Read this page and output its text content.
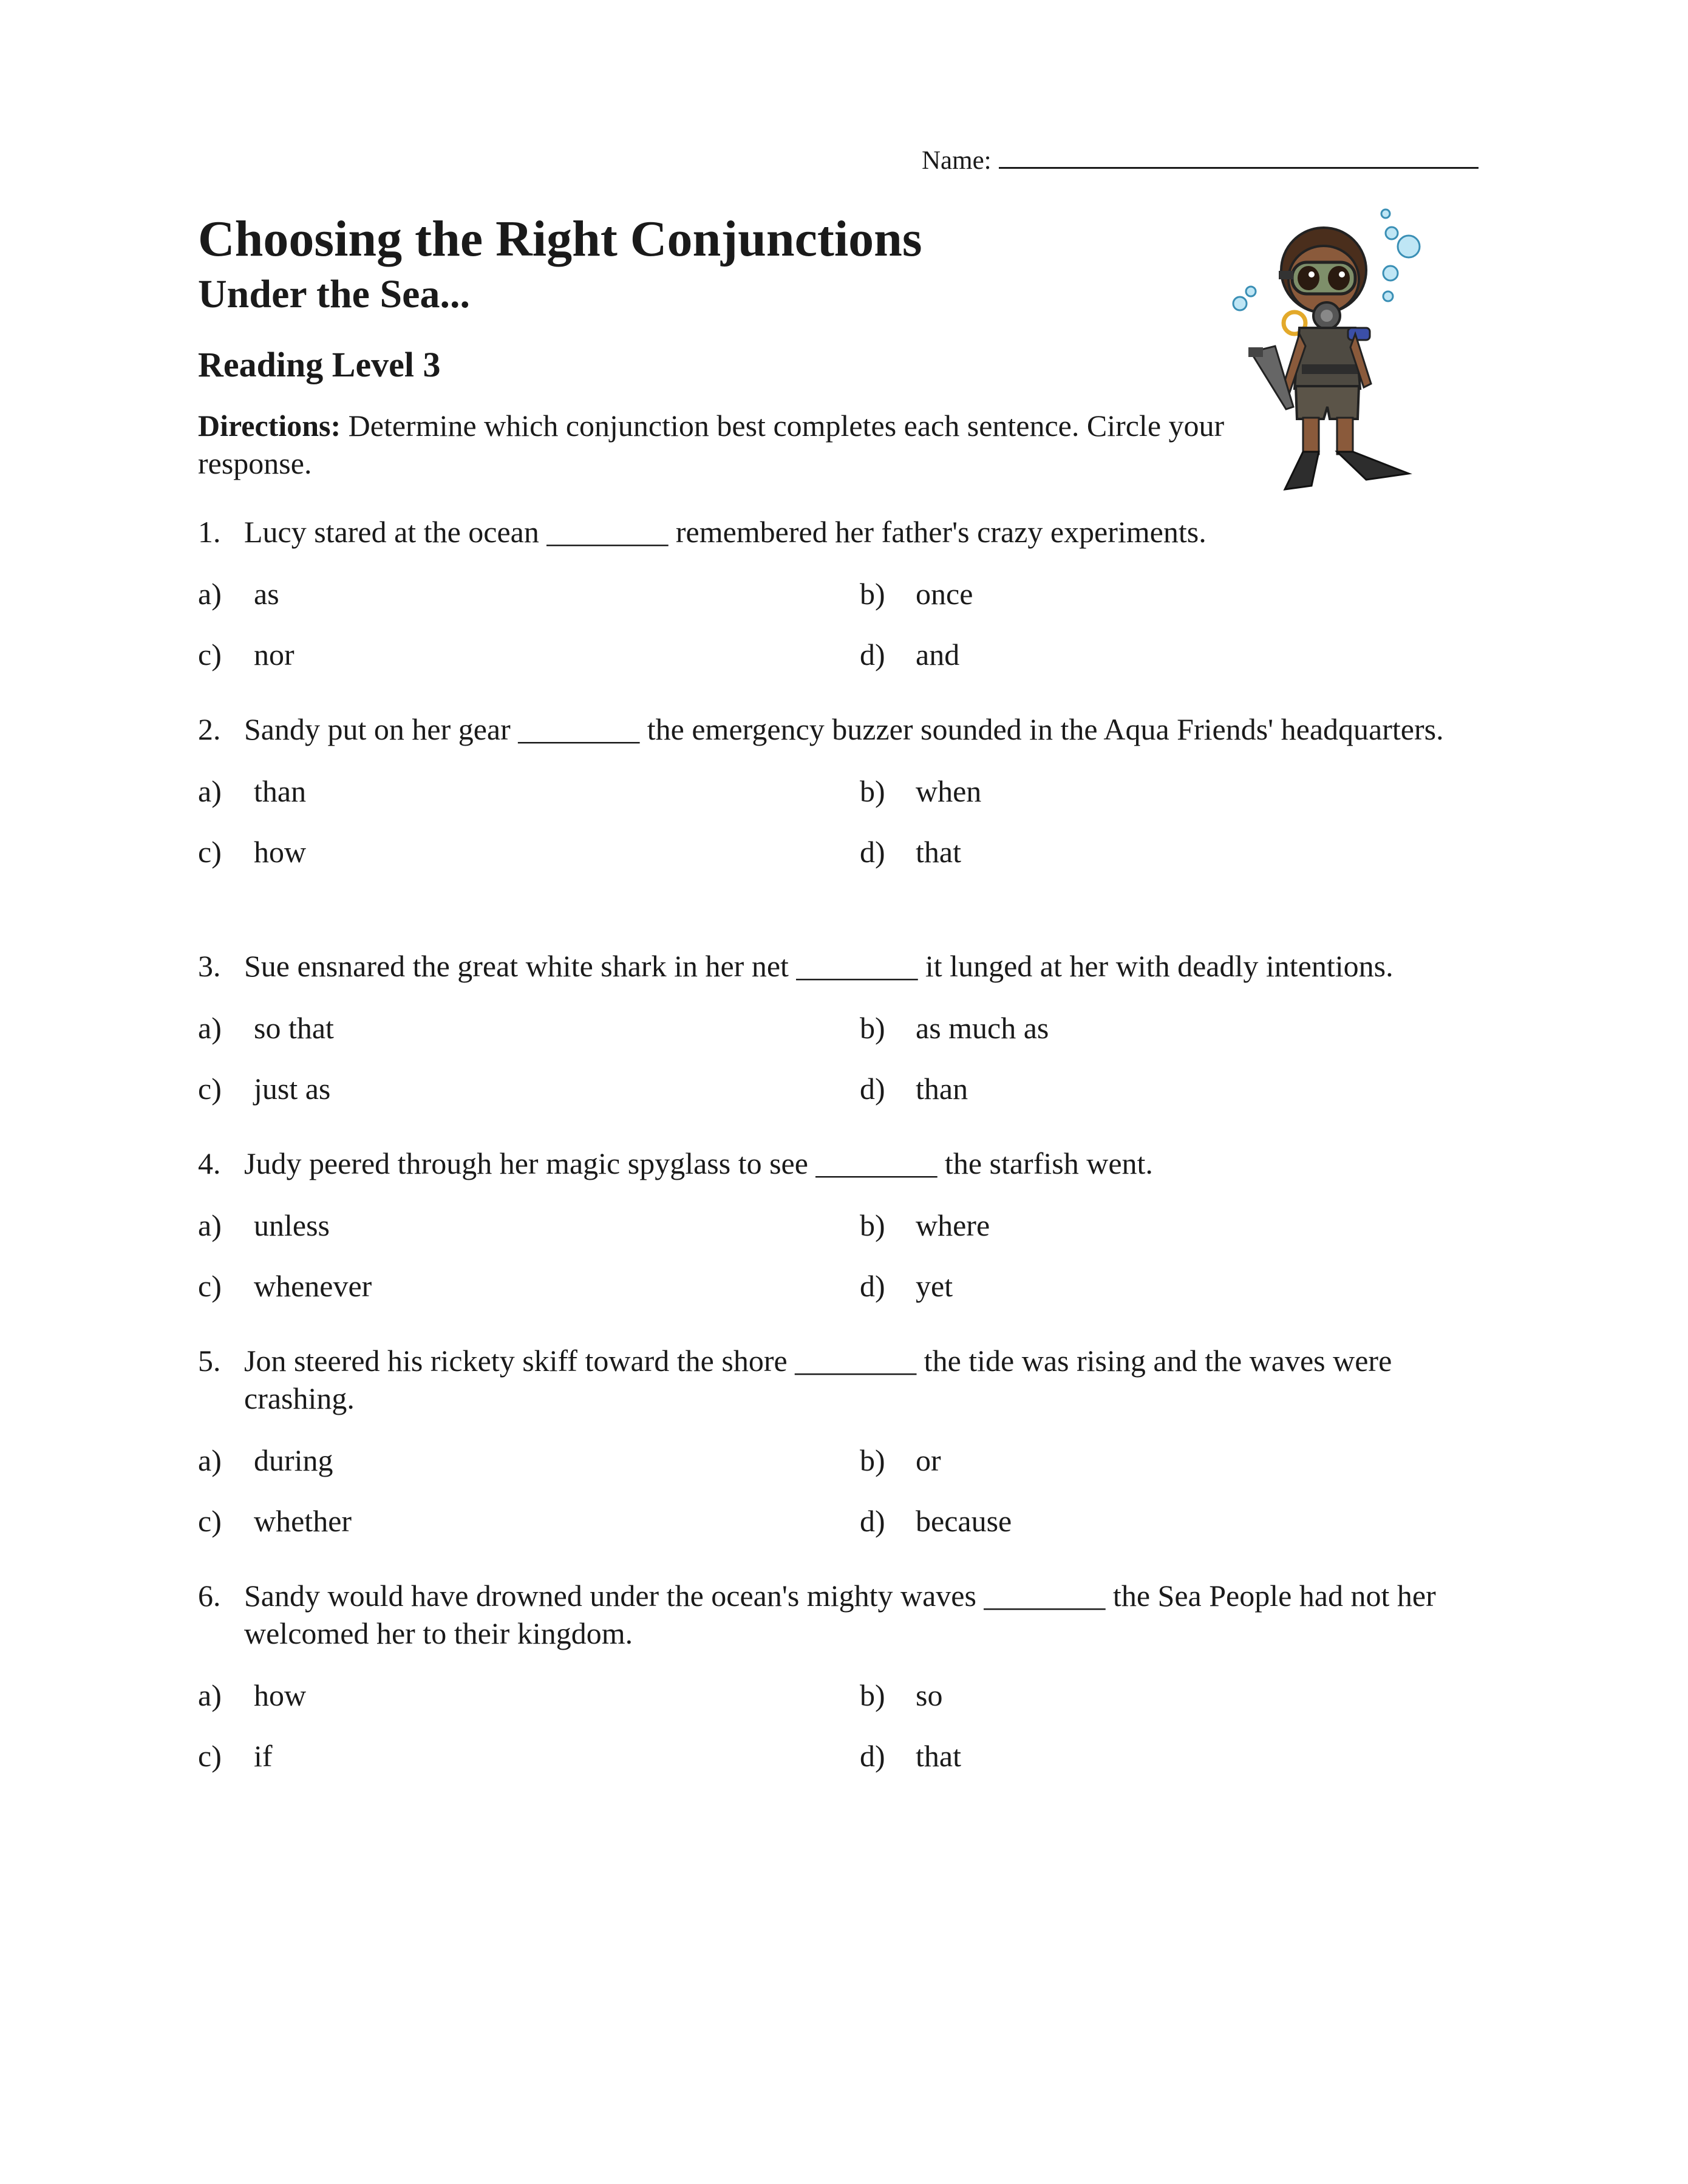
Name:
Choosing the Right Conjunctions
Under the Sea...
Reading Level 3

Directions: Determine which conjunction best completes each sentence. Circle your response.

1. Lucy stared at the ocean ________ remembered her father's crazy experiments.
a) as	b) once
c) nor	d) and
2. Sandy put on her gear ________ the emergency buzzer sounded in the Aqua Friends' headquarters.
a) than	b) when
c) how	d) that
3. Sue ensnared the great white shark in her net ________ it lunged at her with deadly intentions.
a) so that	b) as much as
c) just as	d) than
4. Judy peered through her magic spyglass to see ________ the starfish went.
a) unless	b) where
c) whenever	d) yet
5. Jon steered his rickety skiff toward the shore ________ the tide was rising and the waves were crashing.
a) during	b) or
c) whether	d) because
6. Sandy would have drowned under the ocean's mighty waves ________ the Sea People had not her welcomed her to their kingdom.
a) how	b) so
c) if	d) that
